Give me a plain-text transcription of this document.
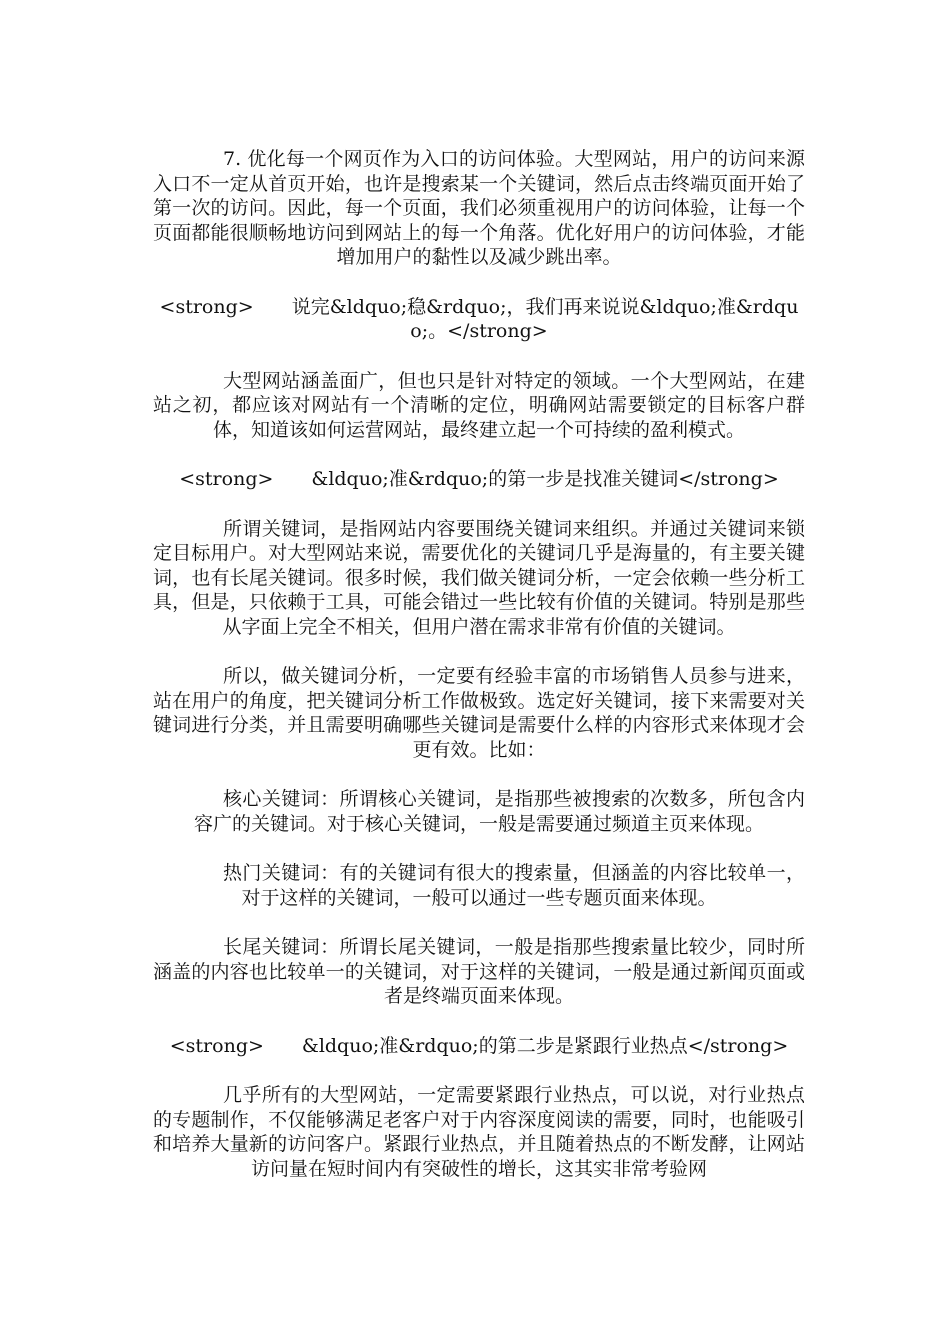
7. 优化每一个网页作为入口的访问体验。大型网站，用户的访问来源入口不一定从首页开始，也许是搜索某一个关键词，然后点击终端页面开始了第一次的访问。因此，每一个页面，我们必须重视用户的访问体验，让每一个页面都能很顺畅地访问到网站上的每一个角落。优化好用户的访问体验，才能增加用户的黏性以及减少跳出率。

<strong> 说完&ldquo;稳&rdquo;，我们再来说说&ldquo;准&rdquo;。</strong>

大型网站涵盖面广，但也只是针对特定的领域。一个大型网站，在建站之初，都应该对网站有一个清晰的定位，明确网站需要锁定的目标客户群体，知道该如何运营网站，最终建立起一个可持续的盈利模式。

<strong> &ldquo;准&rdquo;的第一步是找准关键词</strong>

所谓关键词，是指网站内容要围绕关键词来组织。并通过关键词来锁定目标用户。对大型网站来说，需要优化的关键词几乎是海量的，有主要关键词，也有长尾关键词。很多时候，我们做关键词分析，一定会依赖一些分析工具，但是，只依赖于工具，可能会错过一些比较有价值的关键词。特别是那些从字面上完全不相关，但用户潜在需求非常有价值的关键词。

所以，做关键词分析，一定要有经验丰富的市场销售人员参与进来，站在用户的角度，把关键词分析工作做极致。选定好关键词，接下来需要对关键词进行分类，并且需要明确哪些关键词是需要什么样的内容形式来体现才会更有效。比如：

核心关键词：所谓核心关键词，是指那些被搜索的次数多，所包含内容广的关键词。对于核心关键词，一般是需要通过频道主页来体现。

热门关键词：有的关键词有很大的搜索量，但涵盖的内容比较单一，对于这样的关键词，一般可以通过一些专题页面来体现。

长尾关键词：所谓长尾关键词，一般是指那些搜索量比较少，同时所涵盖的内容也比较单一的关键词，对于这样的关键词，一般是通过新闻页面或者是终端页面来体现。

<strong> &ldquo;准&rdquo;的第二步是紧跟行业热点</strong>

几乎所有的大型网站，一定需要紧跟行业热点，可以说，对行业热点的专题制作，不仅能够满足老客户对于内容深度阅读的需要，同时，也能吸引和培养大量新的访问客户。紧跟行业热点，并且随着热点的不断发酵，让网站访问量在短时间内有突破性的增长，这其实非常考验网
